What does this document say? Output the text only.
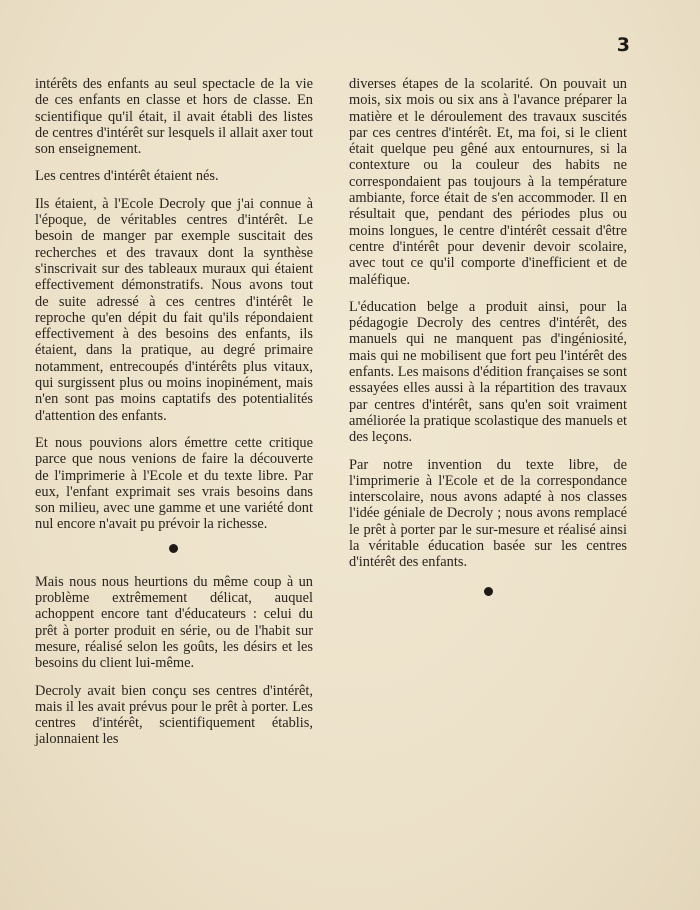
3

intérêts des enfants au seul spectacle de la vie de ces enfants en classe et hors de classe. En scientifique qu'il était, il avait établi des listes de centres d'intérêt sur lesquels il allait axer tout son enseignement.

Les centres d'intérêt étaient nés.

Ils étaient, à l'Ecole Decroly que j'ai connue à l'époque, de véritables centres d'intérêt. Le besoin de manger par exemple suscitait des recherches et des travaux dont la synthèse s'inscrivait sur des tableaux muraux qui étaient effectivement démonstratifs. Nous avons tout de suite adressé à ces centres d'intérêt le reproche qu'en dépit du fait qu'ils répondaient effectivement à des besoins des enfants, ils étaient, dans la pratique, au degré primaire notamment, entrecoupés d'intérêts plus vitaux, qui surgissent plus ou moins inopinément, mais n'en sont pas moins captatifs des potentialités d'attention des enfants.

Et nous pouvions alors émettre cette critique parce que nous venions de faire la découverte de l'imprimerie à l'Ecole et du texte libre. Par eux, l'enfant exprimait ses vrais besoins dans son milieu, avec une gamme et une variété dont nul encore n'avait pu prévoir la richesse.

Mais nous nous heurtions du même coup à un problème extrêmement délicat, auquel achoppent encore tant d'éducateurs : celui du prêt à porter produit en série, ou de l'habit sur mesure, réalisé selon les goûts, les désirs et les besoins du client lui-même.

Decroly avait bien conçu ses centres d'intérêt, mais il les avait prévus pour le prêt à porter. Les centres d'intérêt, scientifiquement établis, jalonnaient les

diverses étapes de la scolarité. On pouvait un mois, six mois ou six ans à l'avance préparer la matière et le déroulement des travaux suscités par ces centres d'intérêt. Et, ma foi, si le client était quelque peu gêné aux entournures, si la contexture ou la couleur des habits ne correspondaient pas toujours à la température ambiante, force était de s'en accommoder. Il en résultait que, pendant des périodes plus ou moins longues, le centre d'intérêt cessait d'être centre d'intérêt pour devenir devoir scolaire, avec tout ce qu'il comporte d'inefficient et de maléfique.

L'éducation belge a produit ainsi, pour la pédagogie Decroly des centres d'intérêt, des manuels qui ne manquent pas d'ingéniosité, mais qui ne mobilisent que fort peu l'intérêt des enfants. Les maisons d'édition françaises se sont essayées elles aussi à la répartition des travaux par centres d'intérêt, sans qu'en soit vraiment améliorée la pratique scolastique des manuels et des leçons.

Par notre invention du texte libre, de l'imprimerie à l'Ecole et de la correspondance interscolaire, nous avons adapté à nos classes l'idée géniale de Decroly ; nous avons remplacé le prêt à porter par le sur-mesure et réalisé ainsi la véritable éducation basée sur les centres d'intérêt des enfants.
